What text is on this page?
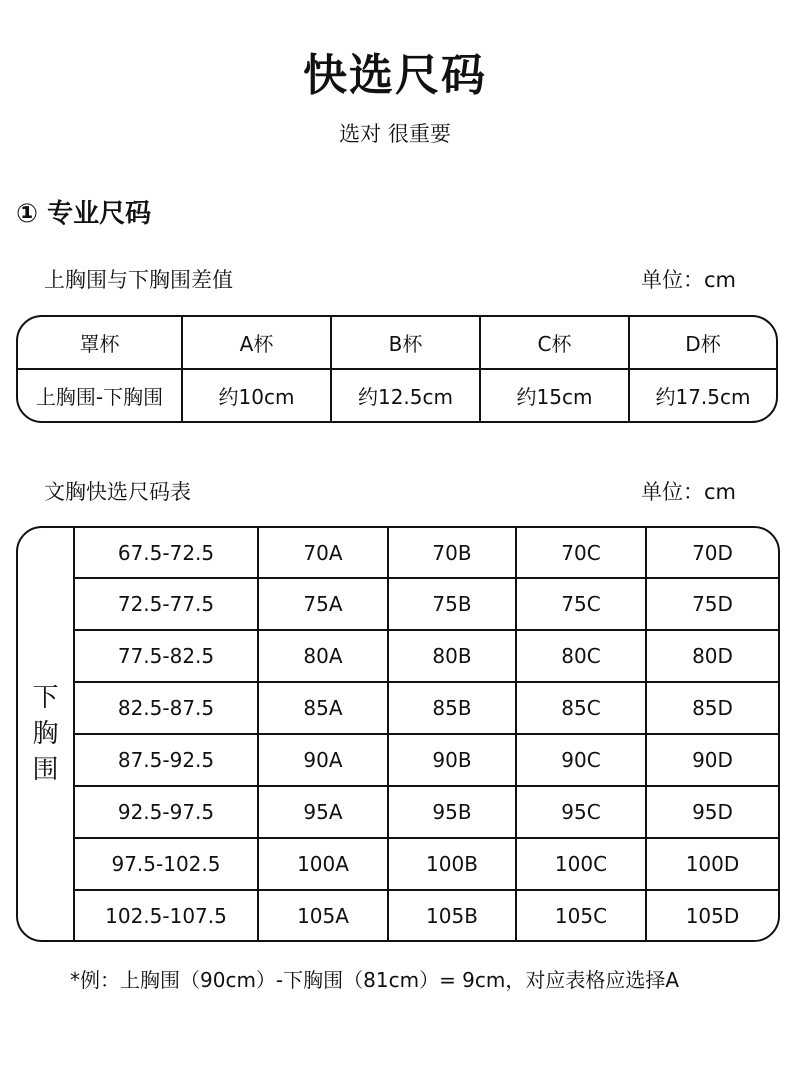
快选尺码
选对 很重要
① 专业尺码
上胸围与下胸围差值	单位：cm
罩杯	A杯	B杯	C杯	D杯
上胸围-下胸围	约10cm	约12.5cm	约15cm	约17.5cm
文胸快选尺码表	单位：cm
下
胸
围	67.5-72.5	70A	70B	70C	70D
	72.5-77.5	75A	75B	75C	75D
	77.5-82.5	80A	80B	80C	80D
	82.5-87.5	85A	85B	85C	85D
	87.5-92.5	90A	90B	90C	90D
	92.5-97.5	95A	95B	95C	95D
	97.5-102.5	100A	100B	100C	100D
	102.5-107.5	105A	105B	105C	105D
*例：上胸围（90cm）-下胸围（81cm）= 9cm，对应表格应选择A
